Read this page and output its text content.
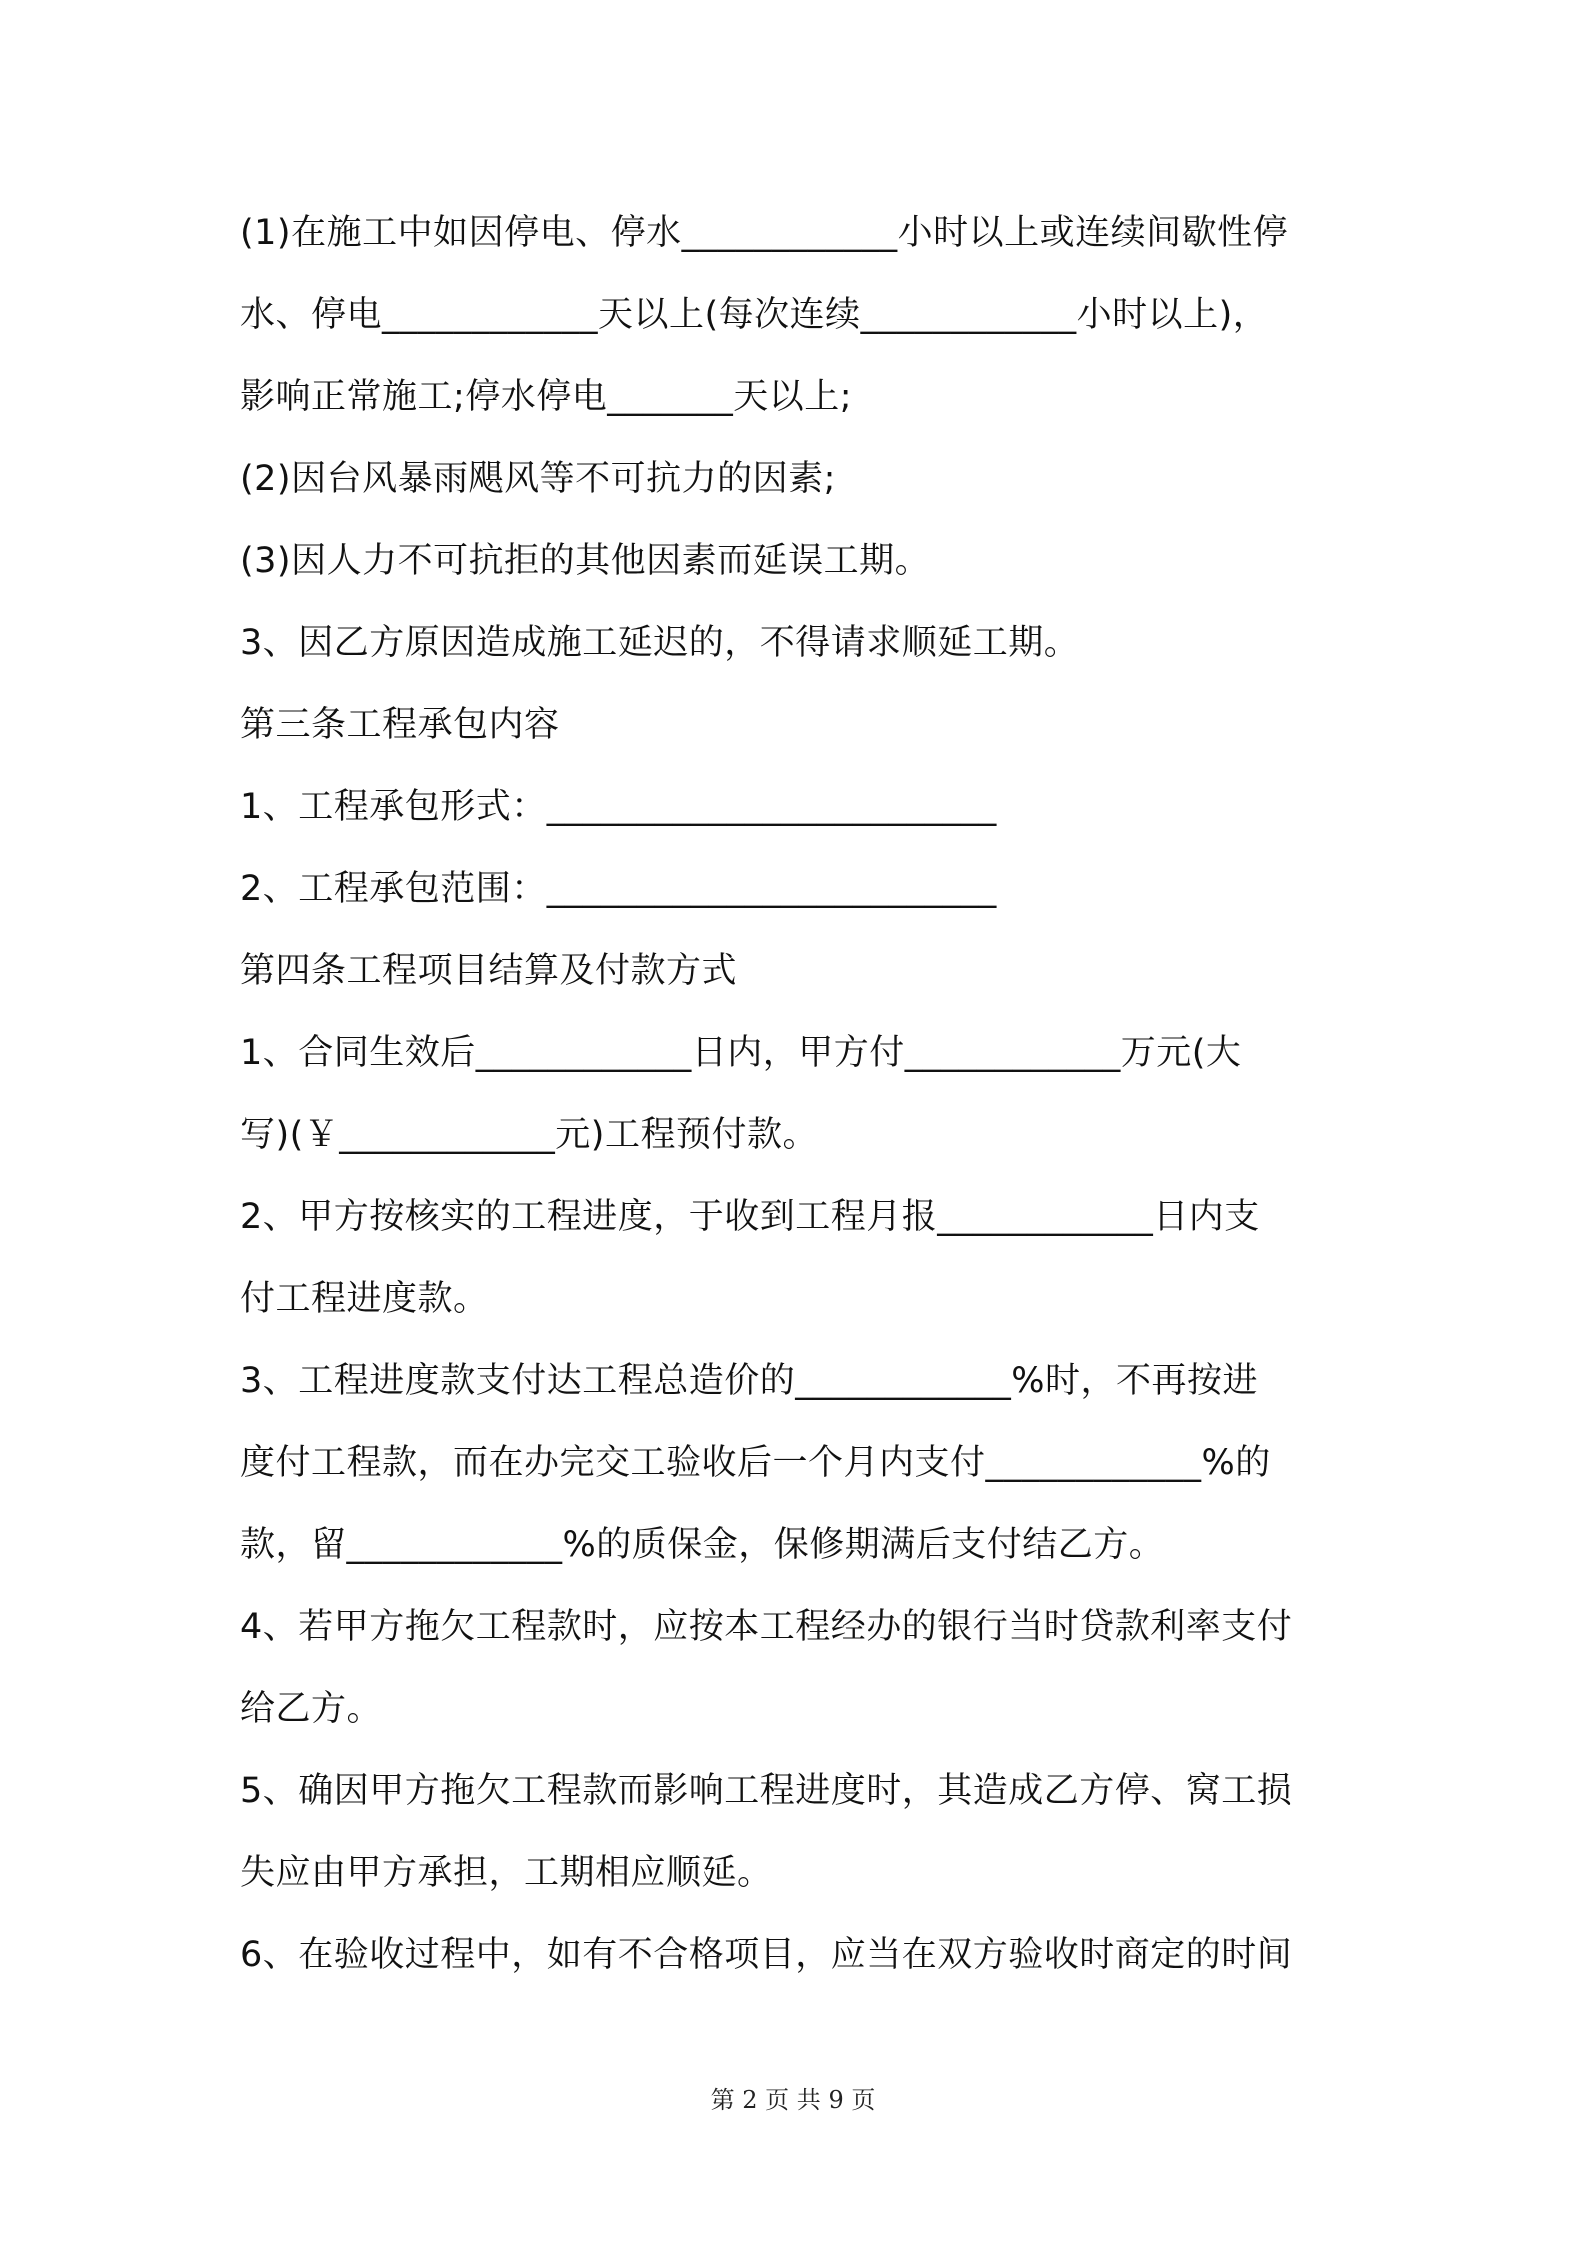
(1)在施工中如因停电、停水____________小时以上或连续间歇性停
水、停电____________天以上(每次连续____________小时以上)，
影响正常施工;停水停电_______天以上;
(2)因台风暴雨飓风等不可抗力的因素;
(3)因人力不可抗拒的其他因素而延误工期。
3、因乙方原因造成施工延迟的，不得请求顺延工期。
第三条工程承包内容
1、工程承包形式：_________________________
2、工程承包范围：_________________________
第四条工程项目结算及付款方式
1、合同生效后____________日内，甲方付____________万元(大
写)(￥____________元)工程预付款。
2、甲方按核实的工程进度，于收到工程月报____________日内支
付工程进度款。
3、工程进度款支付达工程总造价的____________%时，不再按进
度付工程款，而在办完交工验收后一个月内支付____________%的
款，留____________%的质保金，保修期满后支付结乙方。
4、若甲方拖欠工程款时，应按本工程经办的银行当时贷款利率支付
给乙方。
5、确因甲方拖欠工程款而影响工程进度时，其造成乙方停、窝工损
失应由甲方承担，工期相应顺延。
6、在验收过程中，如有不合格项目，应当在双方验收时商定的时间
第 2 页 共 9 页
